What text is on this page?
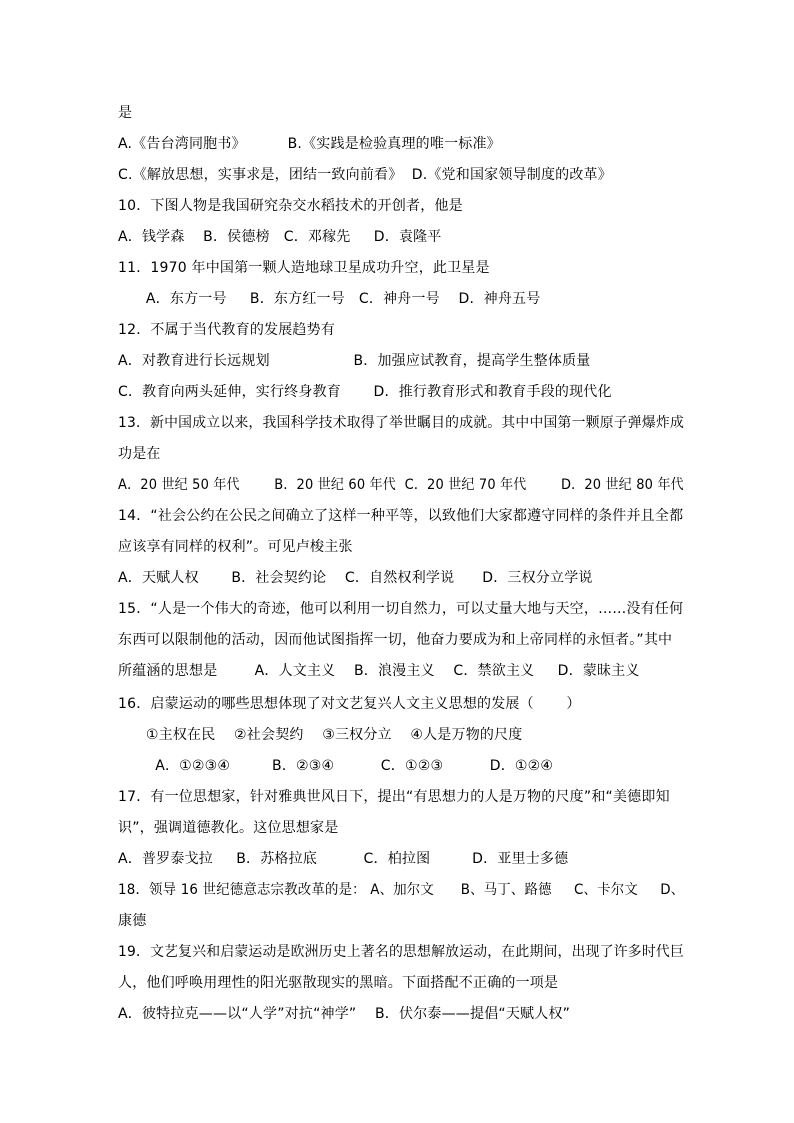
是
A.《告台湾同胞书》         B.《实践是检验真理的唯一标准》
C.《解放思想，实事求是，团结一致向前看》  D.《党和国家领导制度的改革》
10．下图人物是我国研究杂交水稻技术的开创者，他是
A．钱学森    B．侯德榜   C．邓稼先     D．袁隆平
11．1970 年中国第一颗人造地球卫星成功升空，此卫星是
A．东方一号     B．东方红一号   C．神舟一号    D．神舟五号
12．不属于当代教育的发展趋势有
A．对教育进行长远规划                  B．加强应试教育，提高学生整体质量
C．教育向两头延伸，实行终身教育       D．推行教育形式和教育手段的现代化
13．新中国成立以来，我国科学技术取得了举世瞩目的成就。其中中国第一颗原子弹爆炸成
功是在
A．20 世纪 50 年代        B．20 世纪 60 年代  C．20 世纪 70 年代        D．20 世纪 80 年代
14．“社会公约在公民之间确立了这样一种平等，以致他们大家都遵守同样的条件并且全都
应该享有同样的权利”。可见卢梭主张
A．天赋人权       B．社会契约论    C．自然权利学说      D．三权分立学说
15．“人是一个伟大的奇迹，他可以利用一切自然力，可以丈量大地与天空，……没有任何
东西可以限制他的活动，因而他试图指挥一切，他奋力要成为和上帝同样的永恒者。”其中
所蕴涵的思想是        A．人文主义    B．浪漫主义    C．禁欲主义     D．蒙昧主义
16．启蒙运动的哪些思想体现了对文艺复兴人文主义思想的发展（       ）
①主权在民    ②社会契约    ③三权分立    ④人是万物的尺度
A．①②③④         B．②③④          C．①②③          D．①②④
17．有一位思想家，针对雅典世风日下，提出“有思想力的人是万物的尺度”和“美德即知
识”，强调道德教化。这位思想家是
A．普罗泰戈拉     B．苏格拉底          C．柏拉图         D．亚里士多德
18．领导 16 世纪德意志宗教改革的是： A、加尔文      B、马丁、路德     C、卡尔文     D、
康德
19．文艺复兴和启蒙运动是欧洲历史上著名的思想解放运动，在此期间，出现了许多时代巨
人，他们呼唤用理性的阳光驱散现实的黑暗。下面搭配不正确的一项是
A．彼特拉克——以“人学”对抗“神学”    B．伏尔泰——提倡“天赋人权”
